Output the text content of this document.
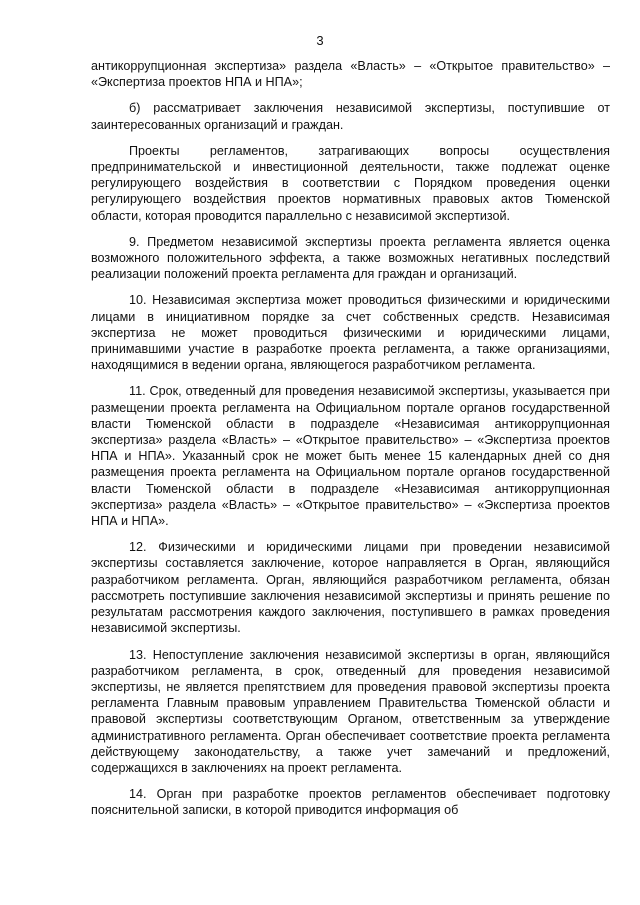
3

антикоррупционная экспертиза» раздела «Власть» – «Открытое правительство» – «Экспертиза проектов НПА и НПА»;

б) рассматривает заключения независимой экспертизы, поступившие от заинтересованных организаций и граждан.

Проекты регламентов, затрагивающих вопросы осуществления предпринимательской и инвестиционной деятельности, также подлежат оценке регулирующего воздействия в соответствии с Порядком проведения оценки регулирующего воздействия проектов нормативных правовых актов Тюменской области, которая проводится параллельно с независимой экспертизой.

9. Предметом независимой экспертизы проекта регламента является оценка возможного положительного эффекта, а также возможных негативных последствий реализации положений проекта регламента для граждан и организаций.

10. Независимая экспертиза может проводиться физическими и юридическими лицами в инициативном порядке за счет собственных средств. Независимая экспертиза не может проводиться физическими и юридическими лицами, принимавшими участие в разработке проекта регламента, а также организациями, находящимися в ведении органа, являющегося разработчиком регламента.

11. Срок, отведенный для проведения независимой экспертизы, указывается при размещении проекта регламента на Официальном портале органов государственной власти Тюменской области в подразделе «Независимая антикоррупционная экспертиза» раздела «Власть» – «Открытое правительство» – «Экспертиза проектов НПА и НПА». Указанный срок не может быть менее 15 календарных дней со дня размещения проекта регламента на Официальном портале органов государственной власти Тюменской области в подразделе «Независимая антикоррупционная экспертиза» раздела «Власть» – «Открытое правительство» – «Экспертиза проектов НПА и НПА».

12. Физическими и юридическими лицами при проведении независимой экспертизы составляется заключение, которое направляется в Орган, являющийся разработчиком регламента. Орган, являющийся разработчиком регламента, обязан рассмотреть поступившие заключения независимой экспертизы и принять решение по результатам рассмотрения каждого заключения, поступившего в рамках проведения независимой экспертизы.

13. Непоступление заключения независимой экспертизы в орган, являющийся разработчиком регламента, в срок, отведенный для проведения независимой экспертизы, не является препятствием для проведения правовой экспертизы проекта регламента Главным правовым управлением Правительства Тюменской области и правовой экспертизы соответствующим Органом, ответственным за утверждение административного регламента. Орган обеспечивает соответствие проекта регламента действующему законодательству, а также учет замечаний и предложений, содержащихся в заключениях на проект регламента.

14. Орган при разработке проектов регламентов обеспечивает подготовку пояснительной записки, в которой приводится информация об
